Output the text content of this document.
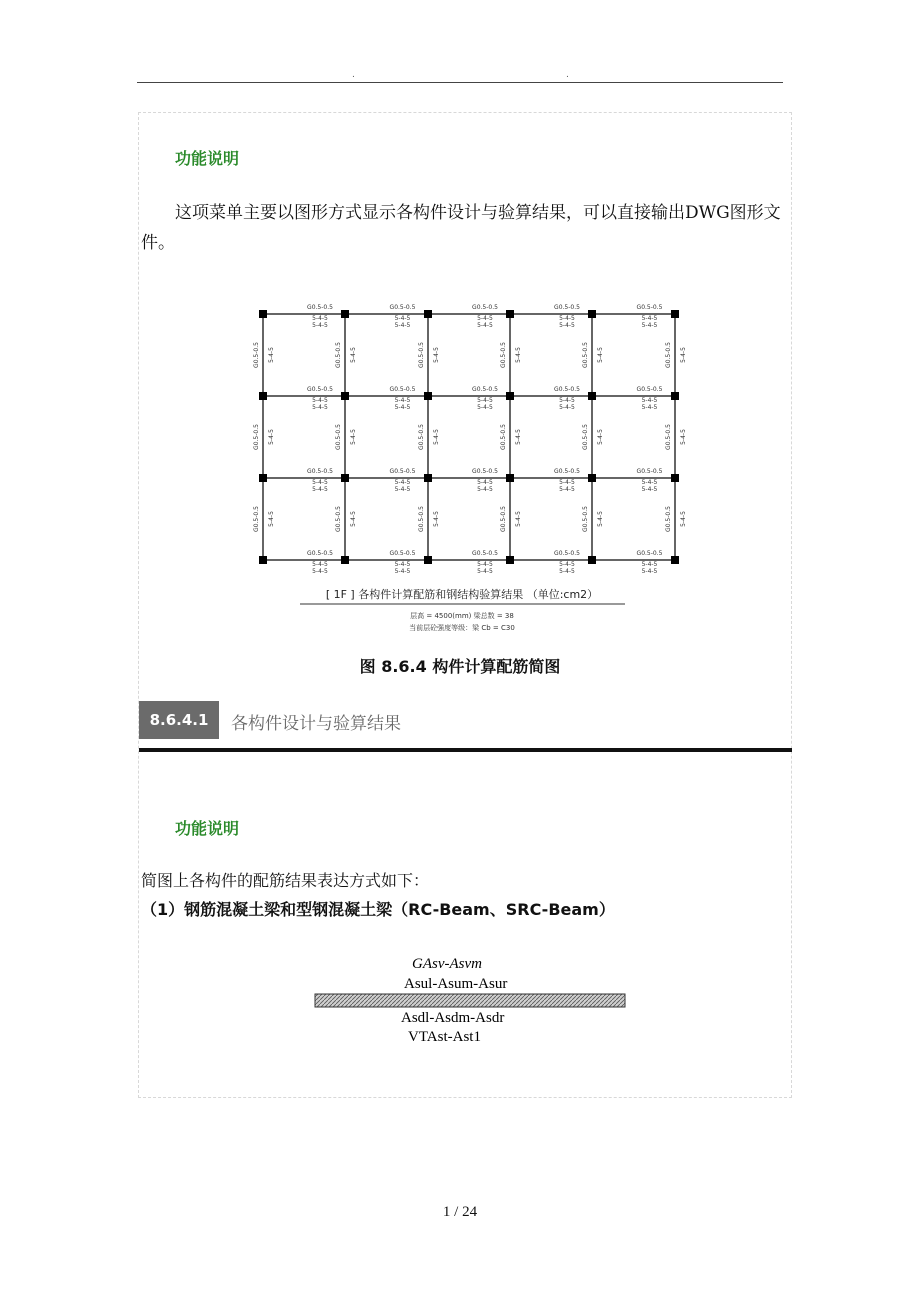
.	.
功能说明
　　这项菜单主要以图形方式显示各构件设计与验算结果，可以直接输出DWG图形文件。
G0.5-0.5
5-4-5
5-4-5
G0.5-0.5
5-4-5
5-4-5
G0.5-0.5
5-4-5
5-4-5
G0.5-0.5
5-4-5
5-4-5
G0.5-0.5
5-4-5
5-4-5
G0.5-0.5
5-4-5
5-4-5
G0.5-0.5
5-4-5
5-4-5
G0.5-0.5
5-4-5
5-4-5
G0.5-0.5
5-4-5
5-4-5
G0.5-0.5
5-4-5
5-4-5
G0.5-0.5
5-4-5
5-4-5
G0.5-0.5
5-4-5
5-4-5
G0.5-0.5
5-4-5
5-4-5
G0.5-0.5
5-4-5
5-4-5
G0.5-0.5
5-4-5
5-4-5
G0.5-0.5
5-4-5
5-4-5
G0.5-0.5
5-4-5
5-4-5
G0.5-0.5
5-4-5
5-4-5
G0.5-0.5
5-4-5
5-4-5
G0.5-0.5
5-4-5
5-4-5
G0.5-0.5 5-4-5	G0.5-0.5 5-4-5	G0.5-0.5 5-4-5	G0.5-0.5 5-4-5	G0.5-0.5 5-4-5	G0.5-0.5 5-4-5
G0.5-0.5 5-4-5	G0.5-0.5 5-4-5	G0.5-0.5 5-4-5	G0.5-0.5 5-4-5	G0.5-0.5 5-4-5	G0.5-0.5 5-4-5
G0.5-0.5 5-4-5	G0.5-0.5 5-4-5	G0.5-0.5 5-4-5	G0.5-0.5 5-4-5	G0.5-0.5 5-4-5	G0.5-0.5 5-4-5
[ 1F ] 各构件计算配筋和钢结构验算结果 （单位:cm2）
层高 = 4500(mm) 梁总数 = 38
当前层砼强度等级：梁 Cb = C30
图 8.6.4 构件计算配筋简图
8.6.4.1	各构件设计与验算结果
功能说明
简图上各构件的配筋结果表达方式如下：
（1）钢筋混凝土梁和型钢混凝土梁（RC-Beam、SRC-Beam）
GAsv-Asvm
Asul-Asum-Asur
Asdl-Asdm-Asdr
VTAst-Ast1
1 / 24
